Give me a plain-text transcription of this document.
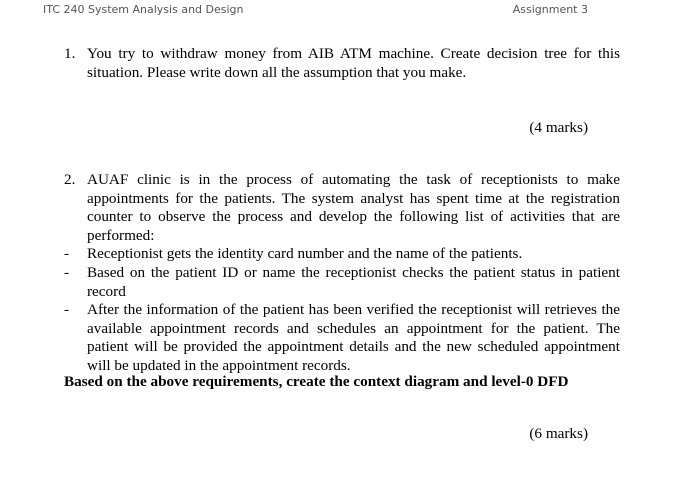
ITC 240 System Analysis and Design	Assignment 3
1. You try to withdraw money from AIB ATM machine. Create decision tree for this situation. Please write down all the assumption that you make.
(4 marks)
2. AUAF clinic is in the process of automating the task of receptionists to make appointments for the patients. The system analyst has spent time at the registration counter to observe the process and develop the following list of activities that are performed:
-	Receptionist gets the identity card number and the name of the patients.
-	Based on the patient ID or name the receptionist checks the patient status in patient record
-	After the information of the patient has been verified the receptionist will retrieves the available appointment records and schedules an appointment for the patient. The patient will be provided the appointment details and the new scheduled appointment will be updated in the appointment records.
Based on the above requirements, create the context diagram and level-0 DFD
(6 marks)
